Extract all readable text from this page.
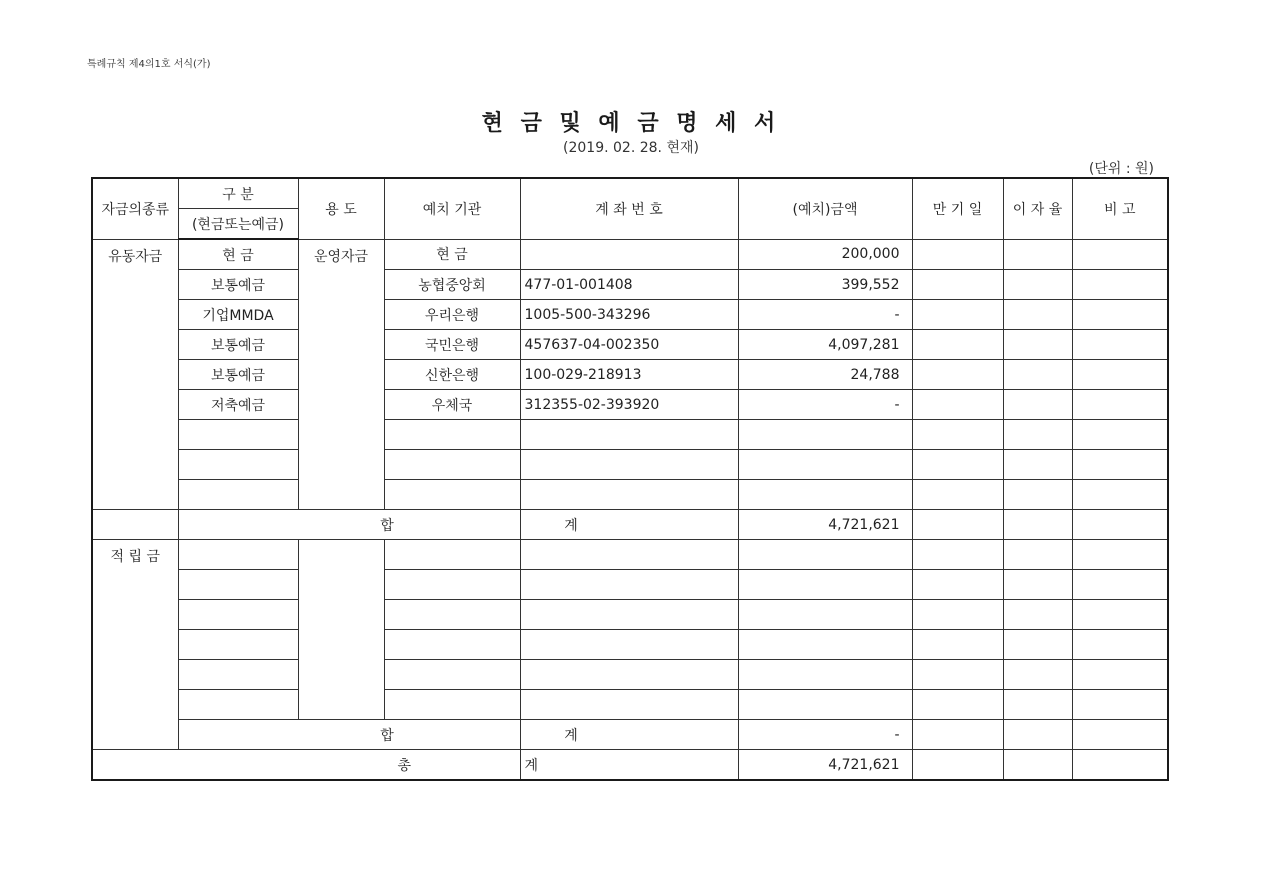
특례규칙 제4의1호 서식(가)
현 금 및 예 금 명 세 서
(2019. 02. 28. 현재)
(단위 : 원)
자금의종류	구 분	용 도	예치 기관	계 좌 번 호	(예치)금액	만 기 일	이 자 율	비 고
	(현금또는예금)							
유동자금	현 금	운영자금	현 금		200,000			
	보통예금		농협중앙회	477-01-001408	399,552			
	기업MMDA		우리은행	1005-500-343296	-			
	보통예금		국민은행	457637-04-002350	4,097,281			
	보통예금		신한은행	100-029-218913	24,788			
	저축예금		우체국	312355-02-393920	-			

	합			계	4,721,621			
적 립 금								

	합			계	-			
총				계	4,721,621			
